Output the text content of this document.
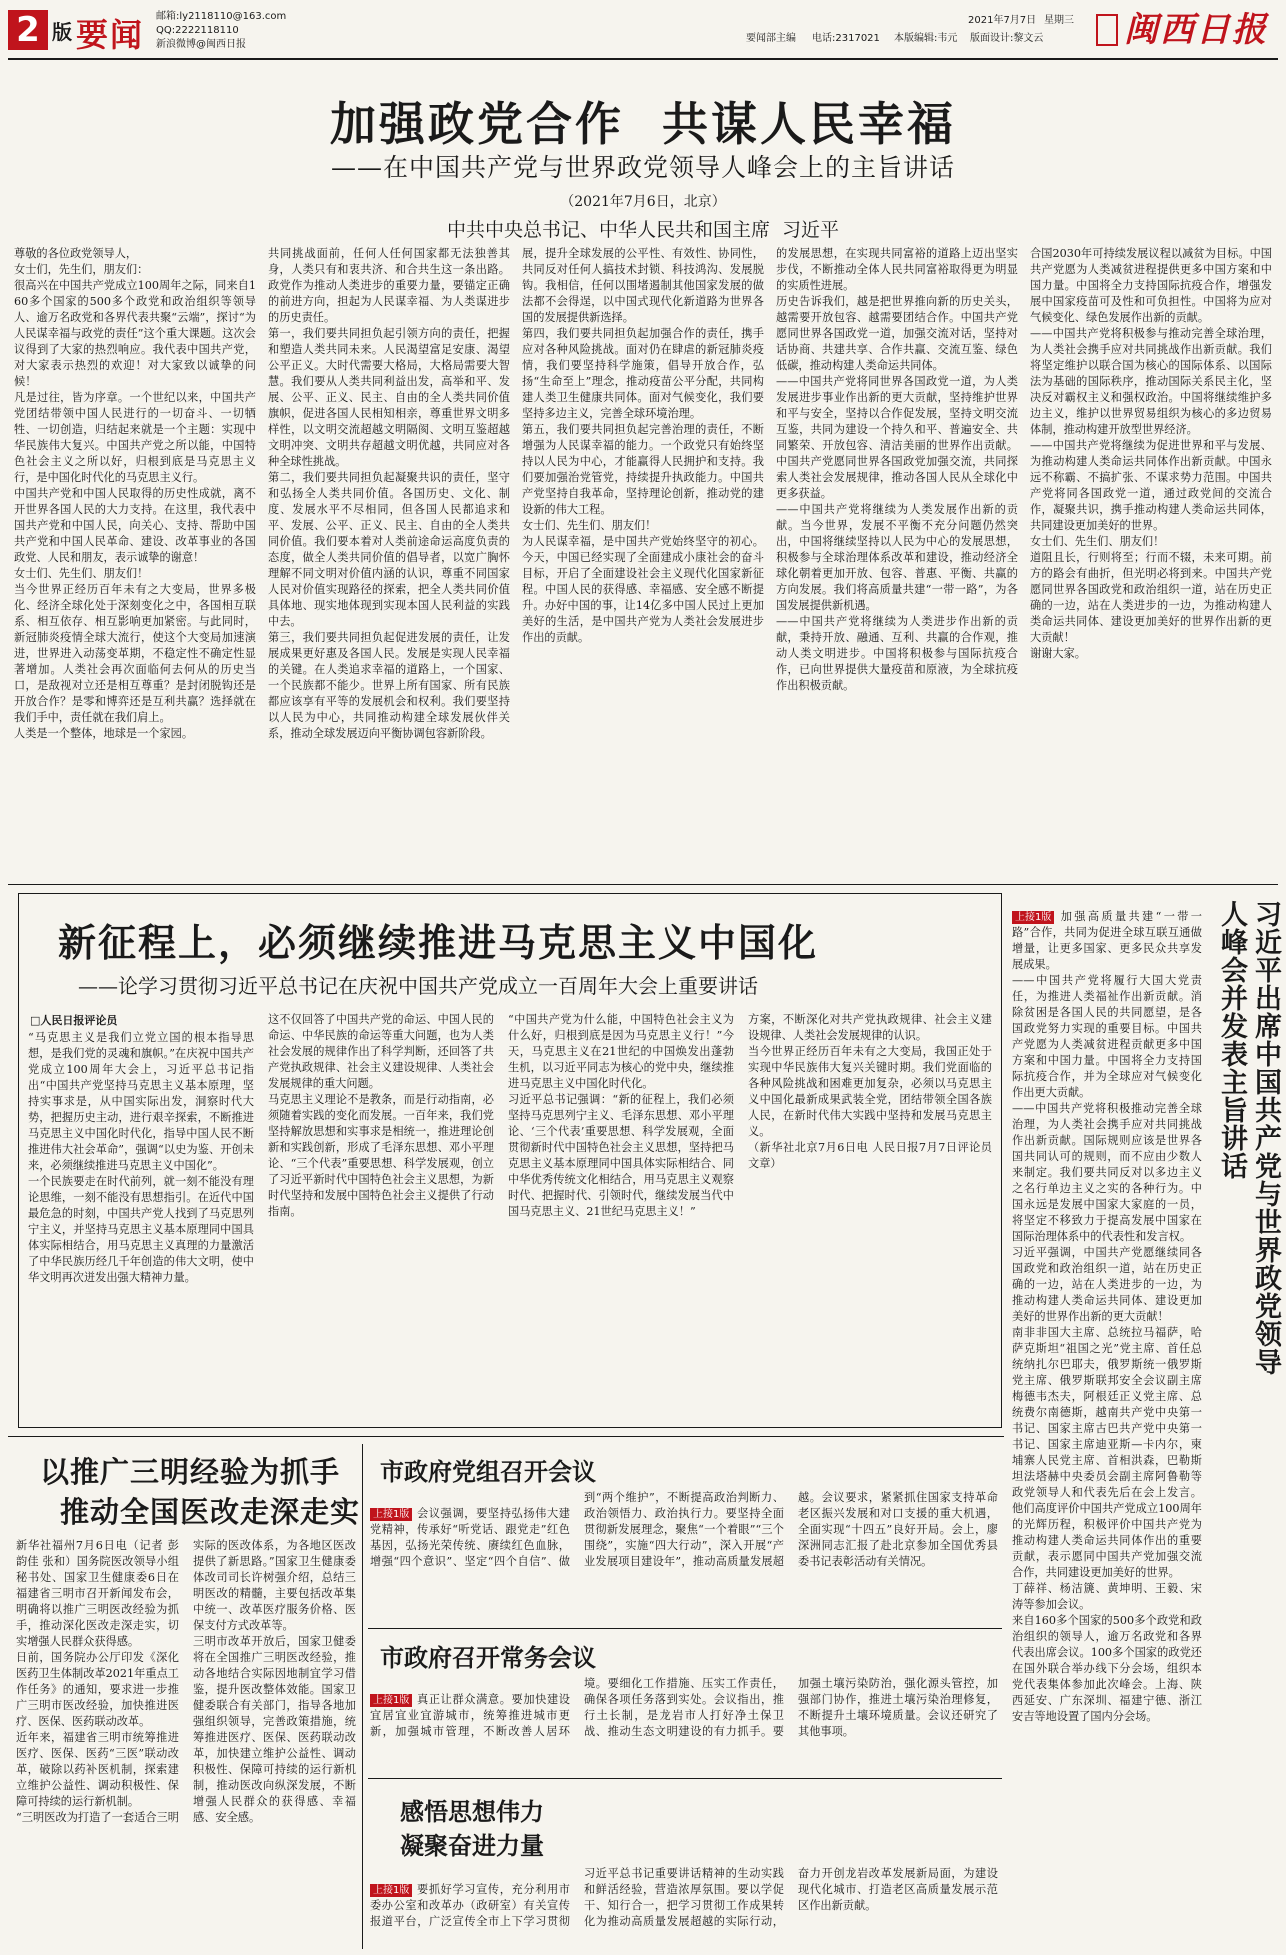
2 版 要闻 邮箱:ly2118110@163.com
QQ:2222118110
新浪微博@闽西日报
2021年7月7日 星期三
要闻部主编 电话:2317021 本版编辑:韦元 版面设计:黎文云 闽西日报
加强政党合作  共谋人民幸福
——在中国共产党与世界政党领导人峰会上的主旨讲话
（2021年7月6日，北京）
中共中央总书记、中华人民共和国主席  习近平
尊敬的各位政党领导人，
女士们，先生们，朋友们：
很高兴在中国共产党成立100周年之际，同来自160多个国家的500多个政党和政治组织等领导人、逾万名政党和各界代表共聚“云端”，探讨“为人民谋幸福与政党的责任”这个重大课题。这次会议得到了大家的热烈响应。我代表中国共产党，对大家表示热烈的欢迎！对大家致以诚挚的问候！
凡是过往，皆为序章。一个世纪以来，中国共产党团结带领中国人民进行的一切奋斗、一切牺牲、一切创造，归结起来就是一个主题：实现中华民族伟大复兴。中国共产党之所以能，中国特色社会主义之所以好，归根到底是马克思主义行，是中国化时代化的马克思主义行。
中国共产党和中国人民取得的历史性成就，离不开世界各国人民的大力支持。在这里，我代表中国共产党和中国人民，向关心、支持、帮助中国共产党和中国人民革命、建设、改革事业的各国政党、人民和朋友，表示诚挚的谢意！
女士们、先生们、朋友们！
当今世界正经历百年未有之大变局，世界多极化、经济全球化处于深刻变化之中，各国相互联系、相互依存、相互影响更加紧密。与此同时，新冠肺炎疫情全球大流行，使这个大变局加速演进，世界进入动荡变革期，不稳定性不确定性显著增加。人类社会再次面临何去何从的历史当口，是敌视对立还是相互尊重？是封闭脱钩还是开放合作？是零和博弈还是互利共赢？选择就在我们手中，责任就在我们肩上。
人类是一个整体，地球是一个家园。
共同挑战面前，任何人任何国家都无法独善其身，人类只有和衷共济、和合共生这一条出路。政党作为推动人类进步的重要力量，要锚定正确的前进方向，担起为人民谋幸福、为人类谋进步的历史责任。
第一，我们要共同担负起引领方向的责任，把握和塑造人类共同未来。人民渴望富足安康、渴望公平正义。大时代需要大格局，大格局需要大智慧。我们要从人类共同利益出发，高举和平、发展、公平、正义、民主、自由的全人类共同价值旗帜，促进各国人民相知相亲，尊重世界文明多样性，以文明交流超越文明隔阂、文明互鉴超越文明冲突、文明共存超越文明优越，共同应对各种全球性挑战。
第二，我们要共同担负起凝聚共识的责任，坚守和弘扬全人类共同价值。各国历史、文化、制度、发展水平不尽相同，但各国人民都追求和平、发展、公平、正义、民主、自由的全人类共同价值。我们要本着对人类前途命运高度负责的态度，做全人类共同价值的倡导者，以宽广胸怀理解不同文明对价值内涵的认识，尊重不同国家人民对价值实现路径的探索，把全人类共同价值具体地、现实地体现到实现本国人民利益的实践中去。
第三，我们要共同担负起促进发展的责任，让发展成果更好惠及各国人民。发展是实现人民幸福的关键。在人类追求幸福的道路上，一个国家、一个民族都不能少。世界上所有国家、所有民族都应该享有平等的发展机会和权利。我们要坚持以人民为中心，共同推动构建全球发展伙伴关系，推动全球发展迈向平衡协调包容新阶段。
展，提升全球发展的公平性、有效性、协同性，共同反对任何人搞技术封锁、科技鸿沟、发展脱钩。我相信，任何以围堵遏制其他国家发展的做法都不会得逞，以中国式现代化新道路为世界各国的发展提供新选择。
第四，我们要共同担负起加强合作的责任，携手应对各种风险挑战。面对仍在肆虐的新冠肺炎疫情，我们要坚持科学施策，倡导开放合作，弘扬“生命至上”理念，推动疫苗公平分配，共同构建人类卫生健康共同体。面对气候变化，我们要坚持多边主义，完善全球环境治理。
第五，我们要共同担负起完善治理的责任，不断增强为人民谋幸福的能力。一个政党只有始终坚持以人民为中心，才能赢得人民拥护和支持。我们要加强治党管党，持续提升执政能力。中国共产党坚持自我革命，坚持理论创新，推动党的建设新的伟大工程。
女士们、先生们、朋友们！
为人民谋幸福，是中国共产党始终坚守的初心。今天，中国已经实现了全面建成小康社会的奋斗目标，开启了全面建设社会主义现代化国家新征程。中国人民的获得感、幸福感、安全感不断提升。办好中国的事，让14亿多中国人民过上更加美好的生活，是中国共产党为人类社会发展进步作出的贡献。
的发展思想，在实现共同富裕的道路上迈出坚实步伐，不断推动全体人民共同富裕取得更为明显的实质性进展。
历史告诉我们，越是把世界推向新的历史关头，越需要开放包容、越需要团结合作。中国共产党愿同世界各国政党一道，加强交流对话，坚持对话协商、共建共享、合作共赢、交流互鉴、绿色低碳，推动构建人类命运共同体。
——中国共产党将同世界各国政党一道，为人类发展进步事业作出新的更大贡献，坚持维护世界和平与安全，坚持以合作促发展，坚持文明交流互鉴，共同为建设一个持久和平、普遍安全、共同繁荣、开放包容、清洁美丽的世界作出贡献。中国共产党愿同世界各国政党加强交流，共同探索人类社会发展规律，推动各国人民从全球化中更多获益。
——中国共产党将继续为人类发展作出新的贡献。当今世界，发展不平衡不充分问题仍然突出，中国将继续坚持以人民为中心的发展思想，积极参与全球治理体系改革和建设，推动经济全球化朝着更加开放、包容、普惠、平衡、共赢的方向发展。我们将高质量共建“一带一路”，为各国发展提供新机遇。
——中国共产党将继续为人类进步作出新的贡献，秉持开放、融通、互利、共赢的合作观，推动人类文明进步。中国将积极参与国际抗疫合作，已向世界提供大量疫苗和原液，为全球抗疫作出积极贡献。
合国2030年可持续发展议程以减贫为目标。中国共产党愿为人类减贫进程提供更多中国方案和中国力量。中国将全力支持国际抗疫合作，增强发展中国家疫苗可及性和可负担性。中国将为应对气候变化、绿色发展作出新的贡献。
——中国共产党将积极参与推动完善全球治理，为人类社会携手应对共同挑战作出新贡献。我们将坚定维护以联合国为核心的国际体系、以国际法为基础的国际秩序，推动国际关系民主化，坚决反对霸权主义和强权政治。中国将继续维护多边主义，维护以世界贸易组织为核心的多边贸易体制，推动构建开放型世界经济。
——中国共产党将继续为促进世界和平与发展、为推动构建人类命运共同体作出新贡献。中国永远不称霸、不搞扩张、不谋求势力范围。中国共产党将同各国政党一道，通过政党间的交流合作，凝聚共识，携手推动构建人类命运共同体，共同建设更加美好的世界。
女士们、先生们、朋友们！
道阻且长，行则将至；行而不辍，未来可期。前方的路会有曲折，但光明必将到来。中国共产党愿同世界各国政党和政治组织一道，站在历史正确的一边，站在人类进步的一边，为推动构建人类命运共同体、建设更加美好的世界作出新的更大贡献！
谢谢大家。
新征程上，必须继续推进马克思主义中国化
——论学习贯彻习近平总书记在庆祝中国共产党成立一百周年大会上重要讲话
□人民日报评论员
“马克思主义是我们立党立国的根本指导思想，是我们党的灵魂和旗帜。”在庆祝中国共产党成立100周年大会上，习近平总书记指出“中国共产党坚持马克思主义基本原理，坚持实事求是，从中国实际出发，洞察时代大势，把握历史主动，进行艰辛探索，不断推进马克思主义中国化时代化，指导中国人民不断推进伟大社会革命”，强调“以史为鉴、开创未来，必须继续推进马克思主义中国化”。
一个民族要走在时代前列，就一刻不能没有理论思维，一刻不能没有思想指引。在近代中国最危急的时刻，中国共产党人找到了马克思列宁主义，并坚持马克思主义基本原理同中国具体实际相结合，用马克思主义真理的力量激活了中华民族历经几千年创造的伟大文明，使中华文明再次迸发出强大精神力量。
这不仅回答了中国共产党的命运、中国人民的命运、中华民族的命运等重大问题，也为人类社会发展的规律作出了科学判断，还回答了共产党执政规律、社会主义建设规律、人类社会发展规律的重大问题。
马克思主义理论不是教条，而是行动指南，必须随着实践的变化而发展。一百年来，我们党坚持解放思想和实事求是相统一，推进理论创新和实践创新，形成了毛泽东思想、邓小平理论、“三个代表”重要思想、科学发展观，创立了习近平新时代中国特色社会主义思想，为新时代坚持和发展中国特色社会主义提供了行动指南。
“中国共产党为什么能，中国特色社会主义为什么好，归根到底是因为马克思主义行！”今天，马克思主义在21世纪的中国焕发出蓬勃生机，以习近平同志为核心的党中央，继续推进马克思主义中国化时代化。
习近平总书记强调：“新的征程上，我们必须坚持马克思列宁主义、毛泽东思想、邓小平理论、‘三个代表’重要思想、科学发展观，全面贯彻新时代中国特色社会主义思想，坚持把马克思主义基本原理同中国具体实际相结合、同中华优秀传统文化相结合，用马克思主义观察时代、把握时代、引领时代，继续发展当代中国马克思主义、21世纪马克思主义！”
方案，不断深化对共产党执政规律、社会主义建设规律、人类社会发展规律的认识。
当今世界正经历百年未有之大变局，我国正处于实现中华民族伟大复兴关键时期。我们党面临的各种风险挑战和困难更加复杂，必须以马克思主义中国化最新成果武装全党，团结带领全国各族人民，在新时代伟大实践中坚持和发展马克思主义。
（新华社北京7月6日电 人民日报7月7日评论员文章）

上接1版 加强高质量共建“一带一路”合作，共同为促进全球互联互通做增量，让更多国家、更多民众共享发展成果。
——中国共产党将履行大国大党责任，为推进人类福祉作出新贡献。消除贫困是各国人民的共同愿望，是各国政党努力实现的重要目标。中国共产党愿为人类减贫进程贡献更多中国方案和中国力量。中国将全力支持国际抗疫合作，并为全球应对气候变化作出更大贡献。
——中国共产党将积极推动完善全球治理，为人类社会携手应对共同挑战作出新贡献。国际规则应该是世界各国共同认可的规则，而不应由少数人来制定。我们要共同反对以多边主义之名行单边主义之实的各种行为。中国永远是发展中国家大家庭的一员，将坚定不移致力于提高发展中国家在国际治理体系中的代表性和发言权。
习近平强调，中国共产党愿继续同各国政党和政治组织一道，站在历史正确的一边，站在人类进步的一边，为推动构建人类命运共同体、建设更加美好的世界作出新的更大贡献！
南非非国大主席、总统拉马福萨，哈萨克斯坦“祖国之光”党主席、首任总统纳扎尔巴耶夫，俄罗斯统一俄罗斯党主席、俄罗斯联邦安全会议副主席梅德韦杰夫，阿根廷正义党主席、总统费尔南德斯，越南共产党中央第一书记、国家主席古巴共产党中央第一书记、国家主席迪亚斯—卡内尔，柬埔寨人民党主席、首相洪森，巴勒斯坦法塔赫中央委员会副主席阿鲁勒等政党领导人和代表先后在会上发言。他们高度评价中国共产党成立100周年的光辉历程，积极评价中国共产党为推动构建人类命运共同体作出的重要贡献，表示愿同中国共产党加强交流合作，共同建设更加美好的世界。
丁薛祥、杨洁篪、黄坤明、王毅、宋涛等参加会议。
来自160多个国家的500多个政党和政治组织的领导人，逾万名政党和各界代表出席会议。100多个国家的政党还在国外联合举办线下分会场，组织本党代表集体参加此次峰会。上海、陕西延安、广东深圳、福建宁德、浙江安吉等地设置了国内分会场。

习近平出席中国共产党与世界政党领导人峰会并发表主旨讲话
以推广三明经验为抓手
推动全国医改走深走实
新华社福州7月6日电（记者 彭韵佳 张和）国务院医改领导小组秘书处、国家卫生健康委6日在福建省三明市召开新闻发布会，明确将以推广三明医改经验为抓手，推动深化医改走深走实，切实增强人民群众获得感。
日前，国务院办公厅印发《深化医药卫生体制改革2021年重点工作任务》的通知，要求进一步推广三明市医改经验，加快推进医疗、医保、医药联动改革。
近年来，福建省三明市统筹推进医疗、医保、医药“三医”联动改革，破除以药补医机制，探索建立维护公益性、调动积极性、保障可持续的运行新机制。
“三明医改为打造了一套适合三明实际的医改体系，为各地区医改提供了新思路。”国家卫生健康委体改司司长许树强介绍，总结三明医改的精髓，主要包括改革集中统一、改革医疗服务价格、医保支付方式改革等。
三明市改革开放后，国家卫健委将在全国推广三明医改经验，推动各地结合实际因地制宜学习借鉴，提升医改整体效能。国家卫健委联合有关部门，指导各地加强组织领导，完善政策措施，统筹推进医疗、医保、医药联动改革，加快建立维护公益性、调动积极性、保障可持续的运行新机制，推动医改向纵深发展，不断增强人民群众的获得感、幸福感、安全感。
市政府党组召开会议

上接1版 会议强调，要坚持弘扬伟大建党精神，传承好“听党话、跟党走”红色基因，弘扬光荣传统、赓续红色血脉，增强“四个意识”、坚定“四个自信”、做到“两个维护”，不断提高政治判断力、政治领悟力、政治执行力。要坚持全面贯彻新发展理念，聚焦“一个着眼”“三个围绕”，实施“四大行动”，深入开展“产业发展项目建设年”，推动高质量发展超越。会议要求，紧紧抓住国家支持革命老区振兴发展和对口支援的重大机遇，全面实现“十四五”良好开局。会上，廖深洲同志汇报了赴北京参加全国优秀县委书记表彰活动有关情况。

市政府召开常务会议

上接1版 真正让群众满意。要加快建设宜居宜业宜游城市，统筹推进城市更新，加强城市管理，不断改善人居环境。要细化工作措施、压实工作责任，确保各项任务落到实处。会议指出，推行土长制，是龙岩市人打好净土保卫战、推动生态文明建设的有力抓手。要加强土壤污染防治，强化源头管控，加强部门协作，推进土壤污染治理修复，不断提升土壤环境质量。会议还研究了其他事项。

感悟思想伟力
凝聚奋进力量

上接1版 要抓好学习宣传，充分利用市委办公室和改革办（政研室）有关宣传报道平台，广泛宣传全市上下学习贯彻习近平总书记重要讲话精神的生动实践和鲜活经验，营造浓厚氛围。要以学促干、知行合一，把学习贯彻工作成果转化为推动高质量发展超越的实际行动，奋力开创龙岩改革发展新局面，为建设现代化城市、打造老区高质量发展示范区作出新贡献。
